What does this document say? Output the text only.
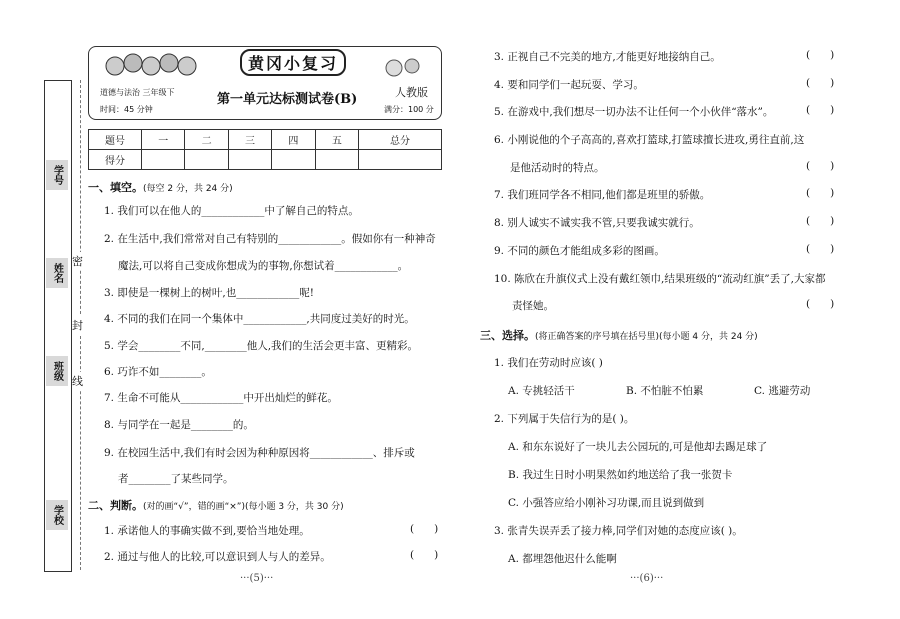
学号
姓名
班级
学校
密
封
线
黄冈小复习
道德与法治 三年级下	人教版
第一单元达标测试卷(B)
时间：45 分钟	满分：100 分
题号	一	二	三	四	五	总分
得分						
一、填空。(每空 2 分，共 24 分)
1. 我们可以在他人的____________中了解自己的特点。
2. 在生活中,我们常常对自己有特别的____________。假如你有一种神奇
魔法,可以将自己变成你想成为的事物,你想试着____________。
3. 即使是一棵树上的树叶,也____________呢!
4. 不同的我们在同一个集体中____________,共同度过美好的时光。
5. 学会________不同,________他人,我们的生活会更丰富、更精彩。
6. 巧诈不如________。
7. 生命不可能从____________中开出灿烂的鲜花。
8. 与同学在一起是________的。
9. 在校园生活中,我们有时会因为种种原因将____________、排斥或
者________了某些同学。
二、判断。(对的画“√”，错的画“×”)(每小题 3 分，共 30 分)
1. 承诺他人的事确实做不到,要恰当地处理。	(      )
2. 通过与他人的比较,可以意识到人与人的差异。	(      )
···(5)···
3. 正视自己不完美的地方,才能更好地接纳自己。	(      )
4. 要和同学们一起玩耍、学习。	(      )
5. 在游戏中,我们想尽一切办法不让任何一个小伙伴“落水”。	(      )
6. 小刚说他的个子高高的,喜欢打篮球,打篮球擅长进攻,勇往直前,这
是他活动时的特点。	(      )
7. 我们班同学各不相同,他们都是班里的骄傲。	(      )
8. 别人诚实不诚实我不管,只要我诚实就行。	(      )
9. 不同的颜色才能组成多彩的图画。	(      )
10. 陈欣在升旗仪式上没有戴红领巾,结果班级的“流动红旗”丢了,大家都
责怪她。	(      )
三、选择。(将正确答案的序号填在括号里)(每小题 4 分，共 24 分)
1. 我们在劳动时应该( )
A. 专挑轻活干	B. 不怕脏不怕累	C. 逃避劳动
2. 下列属于失信行为的是( )。
A. 和东东说好了一块儿去公园玩的,可是他却去踢足球了
B. 我过生日时小明果然如约地送给了我一张贺卡
C. 小强答应给小刚补习功课,而且说到做到
3. 张青失误弄丢了接力棒,同学们对她的态度应该( )。
A. 都埋怨他迟什么能啊
···(6)···
